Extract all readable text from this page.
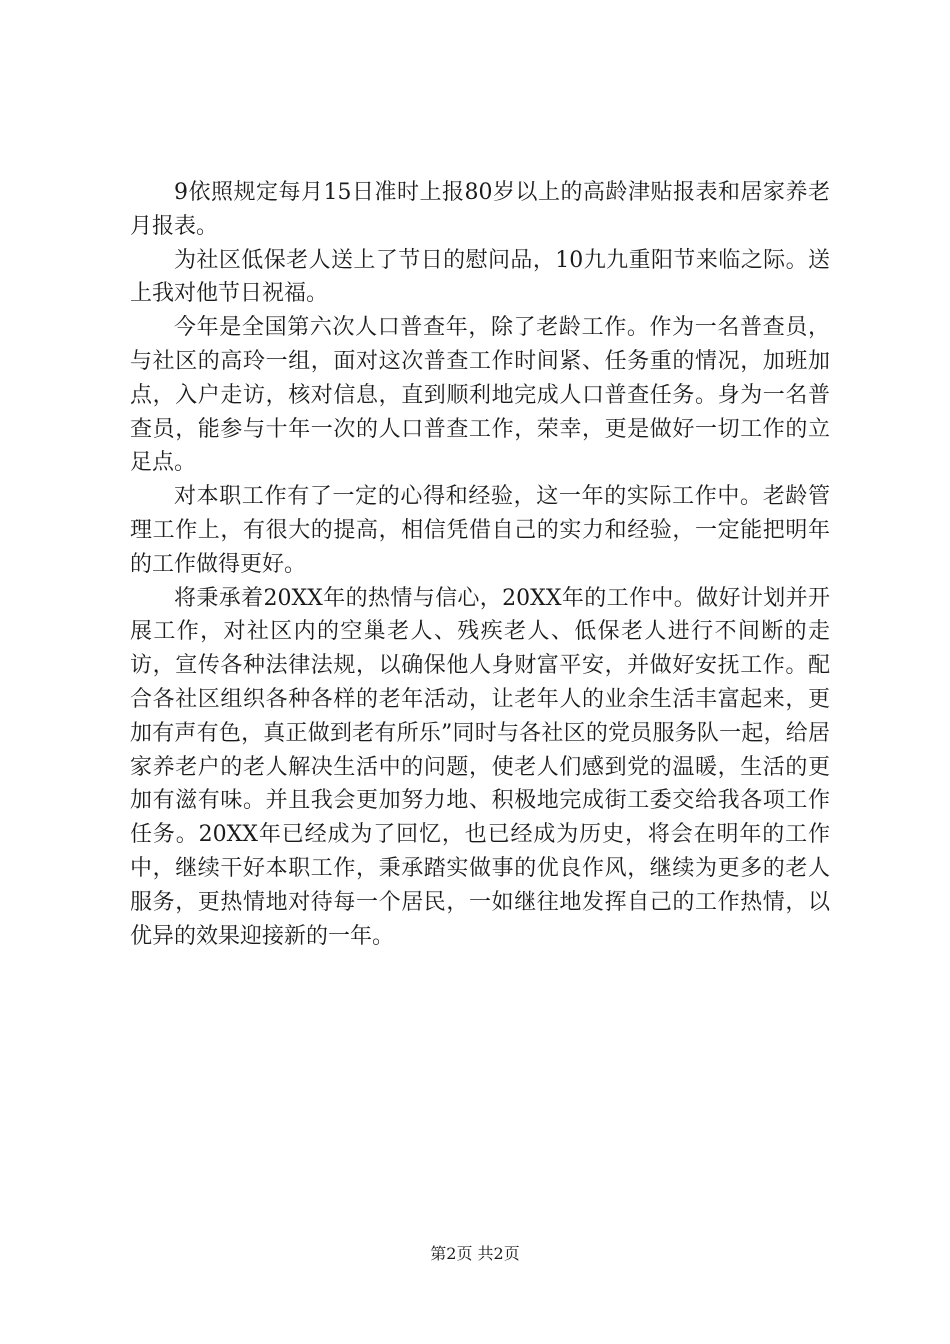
9依照规定每月15日准时上报80岁以上的高龄津贴报表和居家养老月报表。

为社区低保老人送上了节日的慰问品，10九九重阳节来临之际。送上我对他节日祝福。

今年是全国第六次人口普查年，除了老龄工作。作为一名普查员，与社区的高玲一组，面对这次普查工作时间紧、任务重的情况，加班加点，入户走访，核对信息，直到顺利地完成人口普查任务。身为一名普查员，能参与十年一次的人口普查工作，荣幸，更是做好一切工作的立足点。

对本职工作有了一定的心得和经验，这一年的实际工作中。老龄管理工作上，有很大的提高，相信凭借自己的实力和经验，一定能把明年的工作做得更好。

将秉承着20XX年的热情与信心，20XX年的工作中。做好计划并开展工作，对社区内的空巢老人、残疾老人、低保老人进行不间断的走访，宣传各种法律法规，以确保他人身财富平安，并做好安抚工作。配合各社区组织各种各样的老年活动，让老年人的业余生活丰富起来，更加有声有色，真正做到老有所乐”同时与各社区的党员服务队一起，给居家养老户的老人解决生活中的问题，使老人们感到党的温暖，生活的更加有滋有味。并且我会更加努力地、积极地完成街工委交给我各项工作任务。20XX年已经成为了回忆，也已经成为历史，将会在明年的工作中，继续干好本职工作，秉承踏实做事的优良作风，继续为更多的老人服务，更热情地对待每一个居民，一如继往地发挥自己的工作热情，以优异的效果迎接新的一年。

第2页 共2页
